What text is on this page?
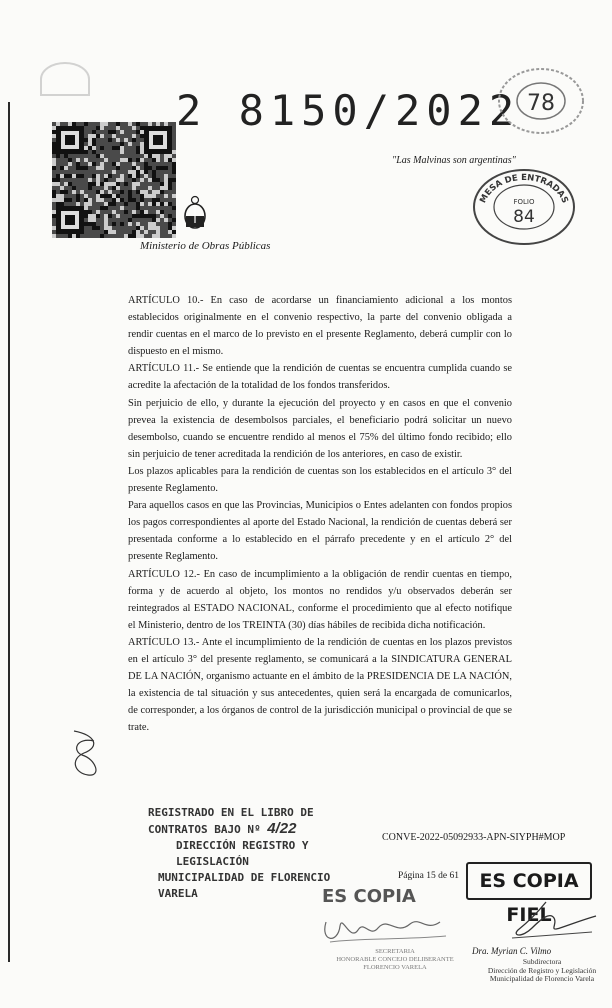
2 8150/2022 78
"Las Malvinas son argentinas"
MESA DE ENTRADAS
FOLIO
84
Ministerio de Obras Públicas

ARTÍCULO 10.- En caso de acordarse un financiamiento adicional a los montos establecidos originalmente en el convenio respectivo, la parte del convenio obligada a rendir cuentas en el marco de lo previsto en el presente Reglamento, deberá cumplir con lo dispuesto en el mismo.

ARTÍCULO 11.- Se entiende que la rendición de cuentas se encuentra cumplida cuando se acredite la afectación de la totalidad de los fondos transferidos.

Sin perjuicio de ello, y durante la ejecución del proyecto y en casos en que el convenio prevea la existencia de desembolsos parciales, el beneficiario podrá solicitar un nuevo desembolso, cuando se encuentre rendido al menos el 75% del último fondo recibido; ello sin perjuicio de tener acreditada la rendición de los anteriores, en caso de existir.

Los plazos aplicables para la rendición de cuentas son los establecidos en el artículo 3° del presente Reglamento.

Para aquellos casos en que las Provincias, Municipios o Entes adelanten con fondos propios los pagos correspondientes al aporte del Estado Nacional, la rendición de cuentas deberá ser presentada conforme a lo establecido en el párrafo precedente y en el artículo 2° del presente Reglamento.

ARTÍCULO 12.- En caso de incumplimiento a la obligación de rendir cuentas en tiempo, forma y de acuerdo al objeto, los montos no rendidos y/u observados deberán ser reintegrados al ESTADO NACIONAL, conforme el procedimiento que al efecto notifique el Ministerio, dentro de los TREINTA (30) días hábiles de recibida dicha notificación.

ARTÍCULO 13.- Ante el incumplimiento de la rendición de cuentas en los plazos previstos en el artículo 3° del presente reglamento, se comunicará a la SINDICATURA GENERAL DE LA NACIÓN, organismo actuante en el ámbito de la PRESIDENCIA DE LA NACIÓN, la existencia de tal situación y sus antecedentes, quien será la encargada de comunicarlos, de corresponder, a los órganos de control de la jurisdicción municipal o provincial de que se trate.

REGISTRADO EN EL LIBRO DE CONTRATOS BAJO Nº 4/22
DIRECCIÓN REGISTRO Y LEGISLACIÓN
MUNICIPALIDAD DE FLORENCIO VARELA
CONVE-2022-05092933-APN-SIYPH#MOP
Página 15 de 61	ES COPIA FIEL
ES COPIA
SECRETARIA
HONORABLE CONCEJO DELIBERANTE
FLORENCIO VARELA
Dra. Myrian C. Vilmo
Subdirectora
Dirección de Registro y Legislación
Municipalidad de Florencio Varela
